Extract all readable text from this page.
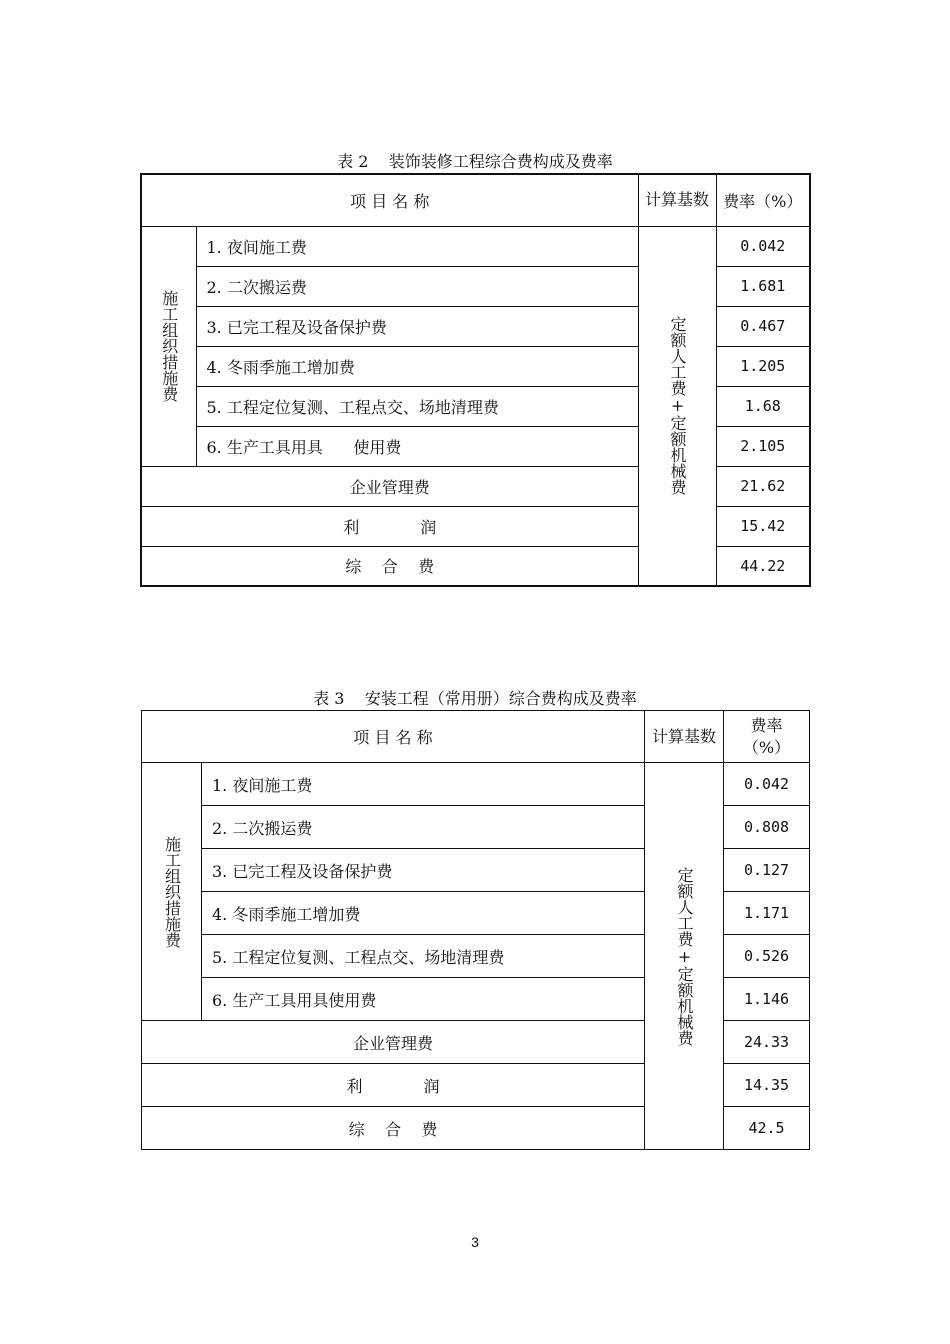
表 2    装饰装修工程综合费构成及费率
项 目 名 称		计算基数	费率（%）
施工组织措施费	1. 夜间施工费	定额人工费+定额机械费	0.042
	2. 二次搬运费		1.681
	3. 已完工程及设备保护费		0.467
	4. 冬雨季施工增加费		1.205
	5. 工程定位复测、工程点交、场地清理费		1.68
	6. 生产工具用具      使用费		2.105
企业管理费			21.62
利            润			15.42
综    合    费			44.22
表 3    安装工程（常用册）综合费构成及费率
项 目 名 称		计算基数	费率（%）
施工组织措施费	1. 夜间施工费	定额人工费+定额机械费	0.042
	2. 二次搬运费		0.808
	3. 已完工程及设备保护费		0.127
	4. 冬雨季施工增加费		1.171
	5. 工程定位复测、工程点交、场地清理费		0.526
	6. 生产工具用具使用费		1.146
企业管理费			24.33
利            润			14.35
综    合    费			42.5
3
